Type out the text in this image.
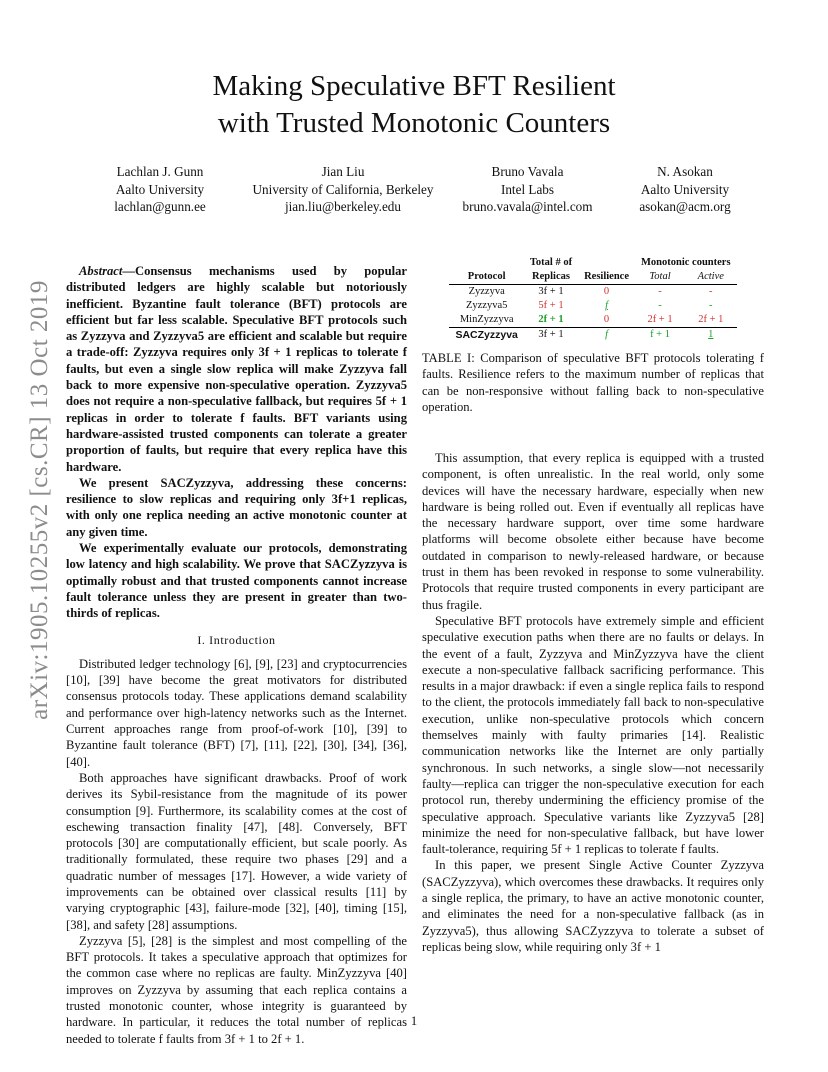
Making Speculative BFT Resilient
with Trusted Monotonic Counters
Lachlan J. Gunn
Aalto University
lachlan@gunn.ee
Jian Liu
University of California, Berkeley
jian.liu@berkeley.edu
Bruno Vavala
Intel Labs
bruno.vavala@intel.com
N. Asokan
Aalto University
asokan@acm.org
arXiv:1905.10255v2 [cs.CR] 13 Oct 2019

Abstract—Consensus mechanisms used by popular distributed ledgers are highly scalable but notoriously inefficient. Byzantine fault tolerance (BFT) protocols are efficient but far less scalable. Speculative BFT protocols such as Zyzzyva and Zyzzyva5 are efficient and scalable but require a trade-off: Zyzzyva requires only 3f + 1 replicas to tolerate f faults, but even a single slow replica will make Zyzzyva fall back to more expensive non-speculative operation. Zyzzyva5 does not require a non-speculative fallback, but requires 5f + 1 replicas in order to tolerate f faults. BFT variants using hardware-assisted trusted components can tolerate a greater proportion of faults, but require that every replica have this hardware.

We present SACZyzzyva, addressing these concerns: resilience to slow replicas and requiring only 3f+1 replicas, with only one replica needing an active monotonic counter at any given time.

We experimentally evaluate our protocols, demonstrating low latency and high scalability. We prove that SACZyzzyva is optimally robust and that trusted components cannot increase fault tolerance unless they are present in greater than two-thirds of replicas.

I. Introduction

Distributed ledger technology [6], [9], [23] and cryptocurrencies [10], [39] have become the great motivators for distributed consensus protocols today. These applications demand scalability and performance over high-latency networks such as the Internet. Current approaches range from proof-of-work [10], [39] to Byzantine fault tolerance (BFT) [7], [11], [22], [30], [34], [36], [40].

Both approaches have significant drawbacks. Proof of work derives its Sybil-resistance from the magnitude of its power consumption [9]. Furthermore, its scalability comes at the cost of eschewing transaction finality [47], [48]. Conversely, BFT protocols [30] are computationally efficient, but scale poorly. As traditionally formulated, these require two phases [29] and a quadratic number of messages [17]. However, a wide variety of improvements can be obtained over classical results [11] by varying cryptographic [43], failure-mode [32], [40], timing [15], [38], and safety [28] assumptions.

Zyzzyva [5], [28] is the simplest and most compelling of the BFT protocols. It takes a speculative approach that optimizes for the common case where no replicas are faulty. MinZyzzyva [40] improves on Zyzzyva by assuming that each replica contains a trusted monotonic counter, whose integrity is guaranteed by hardware. In particular, it reduces the total number of replicas needed to tolerate f faults from 3f + 1 to 2f + 1.

	Total # of		Monotonic counters	
Protocol	Replicas	Resilience	Total	Active
Zyzzyva	3f + 1	0	-	-
Zyzzyva5	5f + 1	f	-	-
MinZyzzyva	2f + 1	0	2f + 1	2f + 1
SACZyzzyva	3f + 1	f	f + 1	1
TABLE I: Comparison of speculative BFT protocols tolerating f faults. Resilience refers to the maximum number of replicas that can be non-responsive without falling back to non-speculative operation.

This assumption, that every replica is equipped with a trusted component, is often unrealistic. In the real world, only some devices will have the necessary hardware, especially when new hardware is being rolled out. Even if eventually all replicas have the necessary hardware support, over time some hardware platforms will become obsolete either because have become outdated in comparison to newly-released hardware, or because trust in them has been revoked in response to some vulnerability. Protocols that require trusted components in every participant are thus fragile.

Speculative BFT protocols have extremely simple and efficient speculative execution paths when there are no faults or delays. In the event of a fault, Zyzzyva and MinZyzzyva have the client execute a non-speculative fallback sacrificing performance. This results in a major drawback: if even a single replica fails to respond to the client, the protocols immediately fall back to non-speculative execution, unlike non-speculative protocols which concern themselves mainly with faulty primaries [14]. Realistic communication networks like the Internet are only partially synchronous. In such networks, a single slow—not necessarily faulty—replica can trigger the non-speculative execution for each protocol run, thereby undermining the efficiency promise of the speculative approach. Speculative variants like Zyzzyva5 [28] minimize the need for non-speculative fallback, but have lower fault-tolerance, requiring 5f + 1 replicas to tolerate f faults.

In this paper, we present Single Active Counter Zyzzyva (SACZyzzyva), which overcomes these drawbacks. It requires only a single replica, the primary, to have an active monotonic counter, and eliminates the need for a non-speculative fallback (as in Zyzzyva5), thus allowing SACZyzzyva to tolerate a subset of replicas being slow, while requiring only 3f + 1

1
